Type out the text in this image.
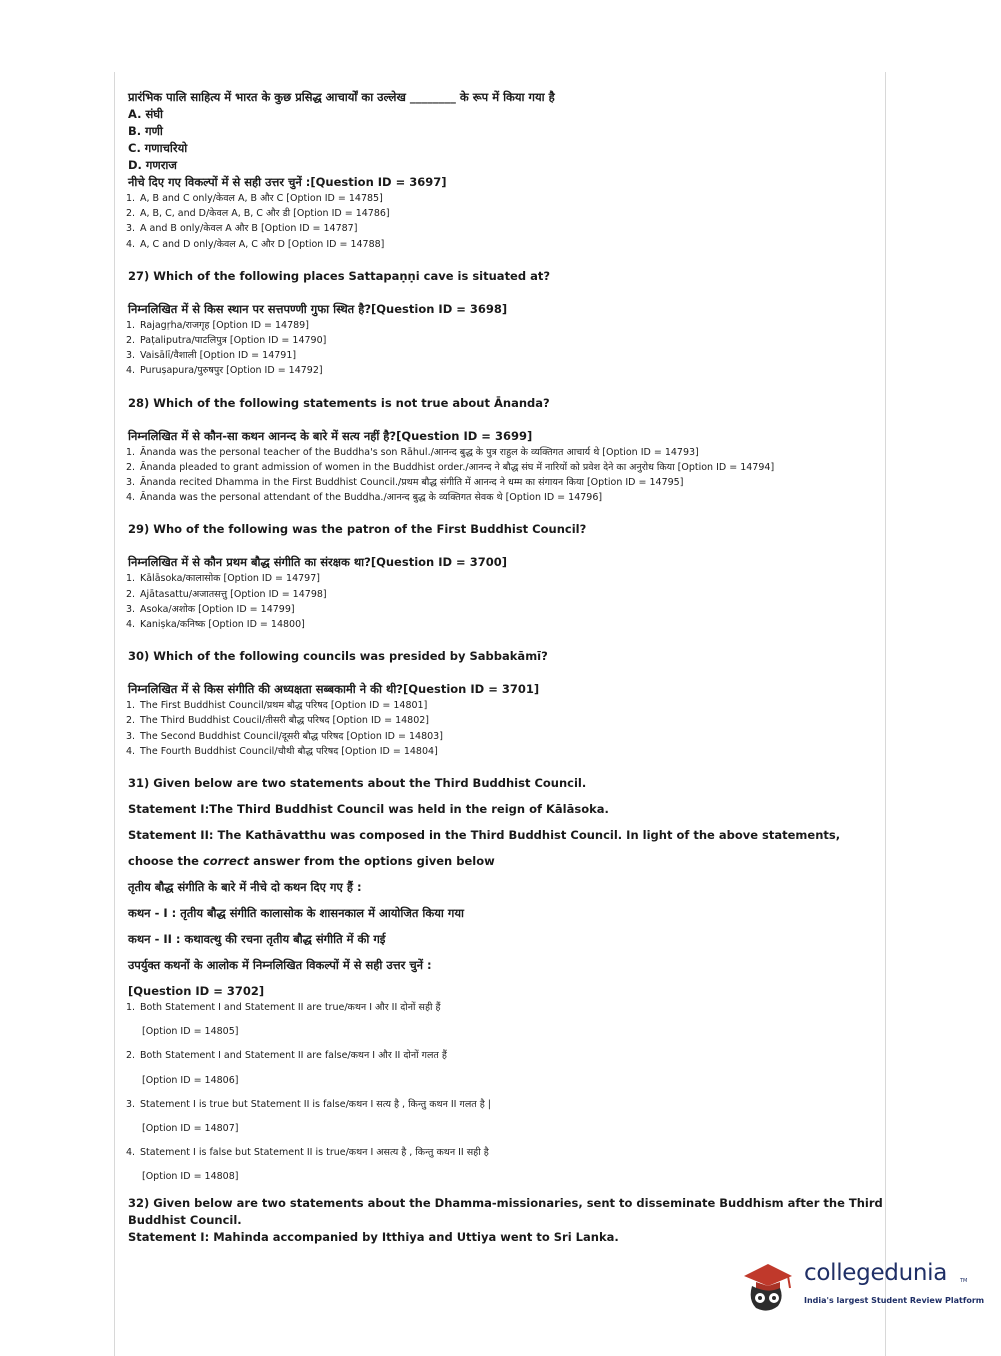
प्रारंभिक पालि साहित्य में भारत के कुछ प्रसिद्ध आचार्यों का उल्लेख ________ के रूप में किया गया है
A. संघी
B. गणी
C. गणाचरियो
D. गणराज
नीचे दिए गए विकल्पों में से सही उत्तर चुनें :[Question ID = 3697]
1. A, B and C only/केवल A, B और C [Option ID = 14785]
2. A, B, C, and D/केवल A, B, C और डी [Option ID = 14786]
3. A and B only/केवल A और B [Option ID = 14787]
4. A, C and D only/केवल A, C और D [Option ID = 14788]
27) Which of the following places Sattapaṇṇi cave is situated at?
निम्नलिखित में से किस स्थान पर सत्तपण्णी गुफा स्थित है?[Question ID = 3698]
1. Rajagṛha/राजगृह [Option ID = 14789]
2. Paṭaliputra/पाटलिपुत्र [Option ID = 14790]
3. Vaisālī/वैशाली [Option ID = 14791]
4. Puruṣapura/पुरुषपुर [Option ID = 14792]
28) Which of the following statements is not true about Ānanda?
निम्नलिखित में से कौन-सा कथन आनन्द के बारे में सत्य नहीं है?[Question ID = 3699]
1. Ānanda was the personal teacher of the Buddha's son Rāhul./आनन्द बुद्ध के पुत्र राहुल के व्यक्तिगत आचार्य थे [Option ID = 14793]
2. Ānanda pleaded to grant admission of women in the Buddhist order./आनन्द ने बौद्ध संघ में नारियों को प्रवेश देने का अनुरोध किया [Option ID = 14794]
3. Ānanda recited Dhamma in the First Buddhist Council./प्रथम बौद्ध संगीति में आनन्द ने धम्म का संगायन किया [Option ID = 14795]
4. Ānanda was the personal attendant of the Buddha./आनन्द बुद्ध के व्यक्तिगत सेवक थे [Option ID = 14796]
29) Who of the following was the patron of the First Buddhist Council?
निम्नलिखित में से कौन प्रथम बौद्ध संगीति का संरक्षक था?[Question ID = 3700]
1. Kālāsoka/कालासोक [Option ID = 14797]
2. Ajātasattu/अजातसत्तु [Option ID = 14798]
3. Asoka/अशोक [Option ID = 14799]
4. Kaniṣka/कनिष्क [Option ID = 14800]
30) Which of the following councils was presided by Sabbakāmī?
निम्नलिखित में से किस संगीति की अध्यक्षता सब्बकामी ने की थी?[Question ID = 3701]
1. The First Buddhist Council/प्रथम बौद्ध परिषद [Option ID = 14801]
2. The Third Buddhist Coucil/तीसरी बौद्ध परिषद [Option ID = 14802]
3. The Second Buddhist Council/दूसरी बौद्ध परिषद [Option ID = 14803]
4. The Fourth Buddhist Council/चौथी बौद्ध परिषद [Option ID = 14804]
31) Given below are two statements about the Third Buddhist Council.
Statement I:The Third Buddhist Council was held in the reign of Kālāsoka.
Statement II: The Kathāvatthu was composed in the Third Buddhist Council. In light of the above statements,
choose the correct answer from the options given below
तृतीय बौद्ध संगीति के बारे में नीचे दो कथन दिए गए हैं :
कथन - I : तृतीय बौद्ध संगीति कालासोक के शासनकाल में आयोजित किया गया
कथन - II : कथावत्थु की रचना तृतीय बौद्ध संगीति में की गई
उपर्युक्त कथनों के आलोक में निम्नलिखित विकल्पों में से सही उत्तर चुनें :
[Question ID = 3702]
1. Both Statement I and Statement II are true/कथन I और II दोनों सही हैं
[Option ID = 14805]
2. Both Statement I and Statement II are false/कथन I और II दोनों गलत हैं
[Option ID = 14806]
3. Statement I is true but Statement II is false/कथन I सत्य है , किन्तु कथन II गलत है |
[Option ID = 14807]
4. Statement I is false but Statement II is true/कथन I असत्य है , किन्तु कथन II सही है
[Option ID = 14808]
32) Given below are two statements about the Dhamma-missionaries, sent to disseminate Buddhism after the Third
Buddhist Council.
Statement I: Mahinda accompanied by Itthiya and Uttiya went to Sri Lanka.
collegedunia	TM
India's largest Student Review Platform
